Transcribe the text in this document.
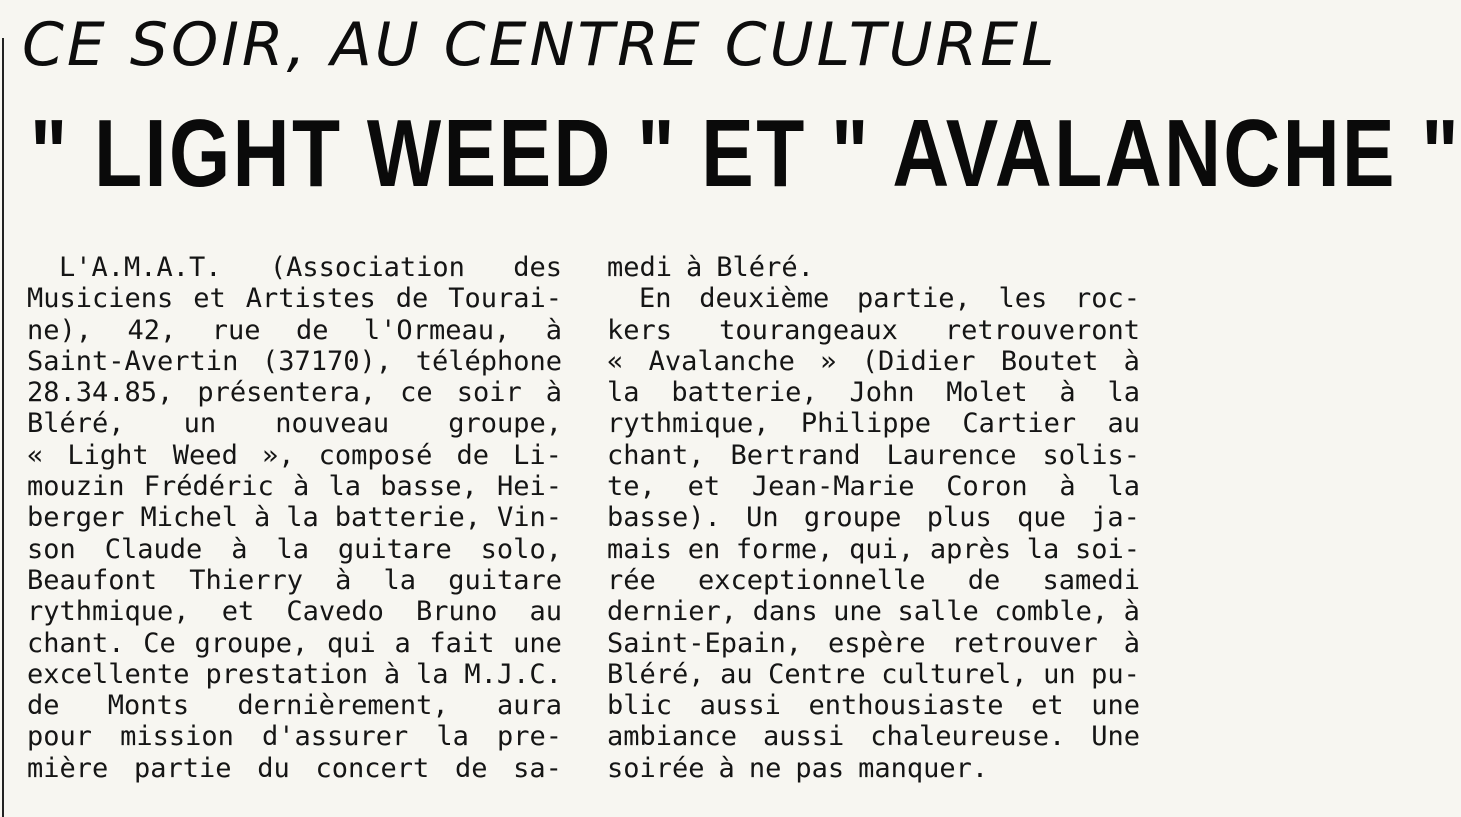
CE SOIR, AU CENTRE CULTUREL
" LIGHT WEED " ET " AVALANCHE "
L'A.M.A.T. (Association des
Musiciens et Artistes de Tourai-
ne), 42, rue de l'Ormeau, à
Saint-Avertin (37170), téléphone
28.34.85, présentera, ce soir à
Bléré, un nouveau groupe,
« Light Weed », composé de Li-
mouzin Frédéric à la basse, Hei-
berger Michel à la batterie, Vin-
son Claude à la guitare solo,
Beaufont Thierry à la guitare
rythmique, et Cavedo Bruno au
chant. Ce groupe, qui a fait une
excellente prestation à la M.J.C.
de Monts dernièrement, aura
pour mission d'assurer la pre-
mière partie du concert de sa-
medi à Bléré.
En deuxième partie, les roc-
kers tourangeaux retrouveront
« Avalanche » (Didier Boutet à
la batterie, John Molet à la
rythmique, Philippe Cartier au
chant, Bertrand Laurence solis-
te, et Jean-Marie Coron à la
basse). Un groupe plus que ja-
mais en forme, qui, après la soi-
rée exceptionnelle de samedi
dernier, dans une salle comble, à
Saint-Epain, espère retrouver à
Bléré, au Centre culturel, un pu-
blic aussi enthousiaste et une
ambiance aussi chaleureuse. Une
soirée à ne pas manquer.
